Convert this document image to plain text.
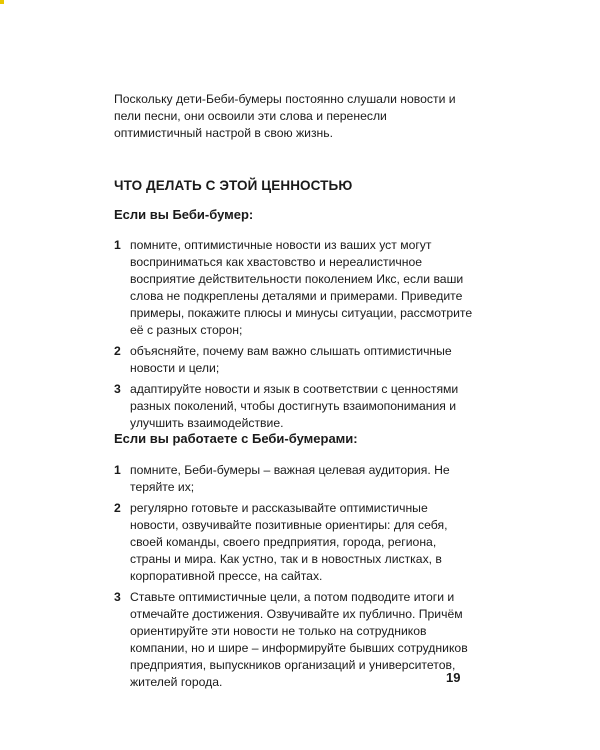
Поскольку дети-Беби-бумеры постоянно слушали новости и пели песни, они освоили эти слова и перенесли оптимистичный настрой в свою жизнь.

ЧТО ДЕЛАТЬ С ЭТОЙ ЦЕННОСТЬЮ
Если вы Беби-бумер:
1 помните, оптимистичные новости из ваших уст могут восприниматься как хвастовство и нереалистичное восприятие действительности поколением Икс, если ваши слова не подкреплены деталями и примерами. Приведите примеры, покажите плюсы и минусы ситуации, рассмотрите её с разных сторон;
2 объясняйте, почему вам важно слышать оптимистичные новости и цели;
3 адаптируйте новости и язык в соответствии с ценностями разных поколений, чтобы достигнуть взаимопонимания и улучшить взаимодействие.
Если вы работаете с Беби-бумерами:
1 помните, Беби-бумеры – важная целевая аудитория. Не теряйте их;
2 регулярно готовьте и рассказывайте оптимистичные новости, озвучивайте позитивные ориентиры: для себя, своей команды, своего предприятия, города, региона, страны и мира. Как устно, так и в новостных листках, в корпоративной прессе, на сайтах.
3 Ставьте оптимистичные цели, а потом подводите итоги и отмечайте достижения. Озвучивайте их публично. Причём ориентируйте эти новости не только на сотрудников компании, но и шире – информируйте бывших сотрудников предприятия, выпускников организаций и университетов, жителей города.	19
